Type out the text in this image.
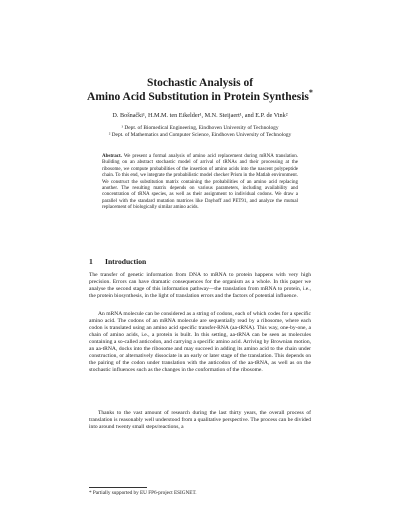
Stochastic Analysis of
Amino Acid Substitution in Protein Synthesis*
D. Bošnački¹, H.M.M. ten Eikelder¹, M.N. Steijaert¹, and E.P. de Vink²
¹ Dept. of Biomedical Engineering, Eindhoven University of Technology
² Dept. of Mathematics and Computer Science, Eindhoven University of Technology
Abstract. We present a formal analysis of amino acid replacement during mRNA translation. Building on an abstract stochastic model of arrival of tRNAs and their processing at the ribosome, we compute probabilities of the insertion of amino acids into the nascent polypeptide chain. To this end, we integrate the probabilistic model checker Prism in the Matlab environment. We construct the substitution matrix containing the probabilities of an amino acid replacing another. The resulting matrix depends on various parameters, including availability and concentration of tRNA species, as well as their assignment to individual codons. We draw a parallel with the standard mutation matrices like Dayhoff and PET91, and analyze the mutual replacement of biologically similar amino acids.
1 Introduction
The transfer of genetic information from DNA to mRNA to protein happens with very high precision. Errors can have dramatic consequences for the organism as a whole. In this paper we analyse the second stage of this information pathway—the translation from mRNA to protein, i.e., the protein biosynthesis, in the light of translation errors and the factors of potential influence.
An mRNA molecule can be considered as a string of codons, each of which codes for a specific amino acid. The codons of an mRNA molecule are sequentially read by a ribosome, where each codon is translated using an amino acid specific transfer-RNA (aa-tRNA). This way, one-by-one, a chain of amino acids, i.e., a protein is built. In this setting, aa-tRNA can be seen as molecules containing a so-called anticodon, and carrying a specific amino acid. Arriving by Brownian motion, an aa-tRNA, docks into the ribosome and may succeed in adding its amino acid to the chain under construction, or alternatively dissociate in an early or later stage of the translation. This depends on the pairing of the codon under translation with the anticodon of the aa-tRNA, as well as on the stochastic influences such as the changes in the conformation of the ribosome.
Thanks to the vast amount of research during the last thirty years, the overall process of translation is reasonably well understood from a qualitative perspective. The process can be divided into around twenty small steps/reactions, a
* Partially supported by EU FP6-project ESIGNET.
